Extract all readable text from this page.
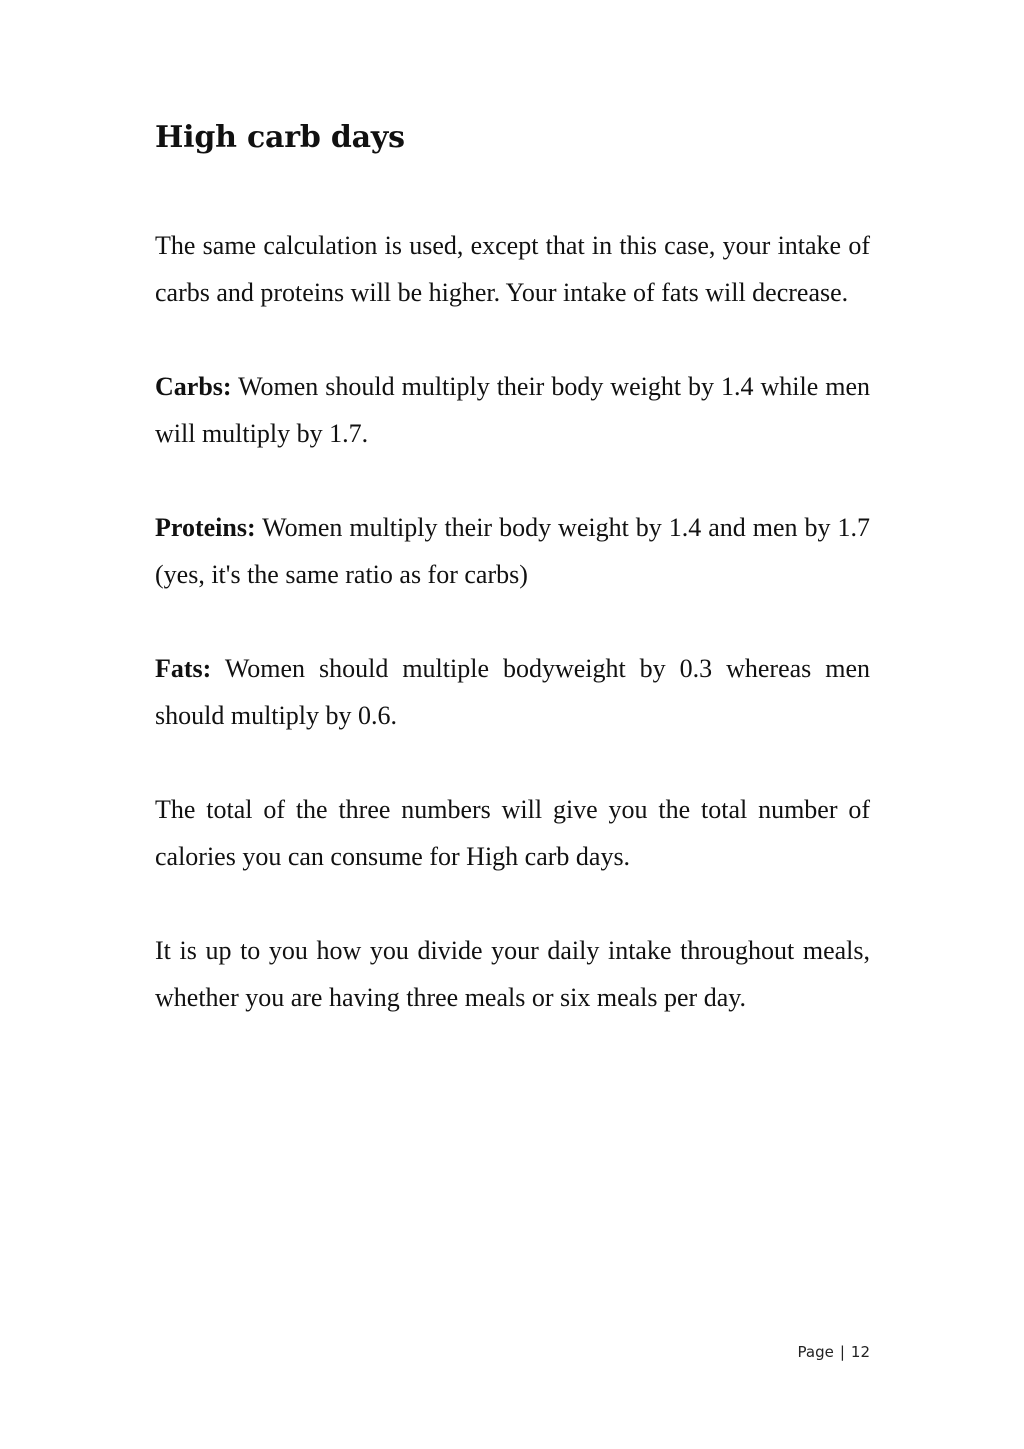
High carb days

The same calculation is used, except that in this case, your intake of carbs and proteins will be higher. Your intake of fats will decrease.

Carbs: Women should multiply their body weight by 1.4 while men will multiply by 1.7.

Proteins: Women multiply their body weight by 1.4 and men by 1.7 (yes, it's the same ratio as for carbs)

Fats: Women should multiple bodyweight by 0.3 whereas men should multiply by 0.6.

The total of the three numbers will give you the total number of calories you can consume for High carb days.

It is up to you how you divide your daily intake throughout meals, whether you are having three meals or six meals per day.

Page | 12
